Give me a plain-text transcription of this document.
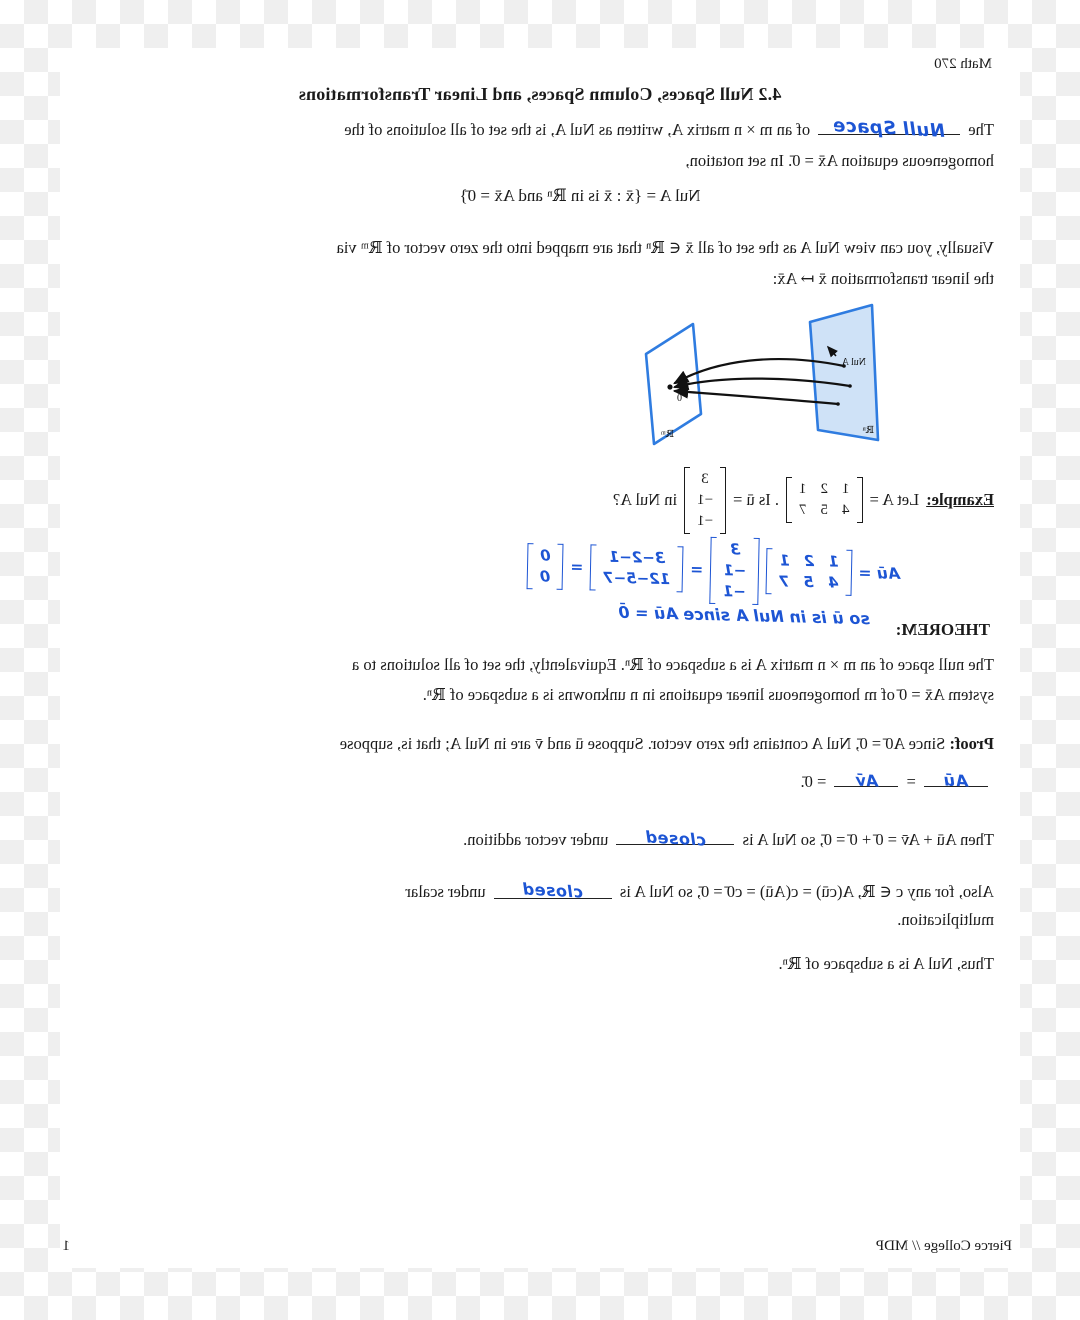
Math 270
4.2 Null Spaces, Column Spaces, and Linear Transformations
The Null Space of an m × n matrix A, written as Nul A, is the set of all solutions of the
homogeneous equation Ax̄ = 0̄. In set notation,
Nul A = {x̄ : x̄ is in ℝⁿ and Ax̄ = 0̄}
Visually, you can view Nul A as the set of all x̄ ∈ ℝⁿ that are mapped into the zero vector of ℝᵐ via
the linear transformation x̄ ↦ Ax̄:
Nul A
0
ℝⁿ
ℝᵐ
Example:
Let A =
1
2
1
4
5
7
. Is ū =
3
−1
−1
in Nul A?
Aū =
1
2
1
4
5
7
3
−1
−1
=
3−2−1
12−5−7
=
0
0
so ū is in Nul A since Aū = 0̄
THEOREM:
The null space of an m × n matrix A is a subspace of ℝⁿ. Equivalently, the set of all solutions to a
system Ax̄ = 0̄ of m homogeneous linear equations in n unknowns is a subspace of ℝⁿ.
Proof: Since A0̄ = 0̄, Nul A contains the zero vector. Suppose ū and v̄ are in Nul A; that is, suppose
Aū = Av̄ = 0̄.
Then Aū + Av̄ = 0̄ + 0̄ = 0̄, so Nul A is closed under vector addition.
Also, for any c ∈ ℝ, A(cū) = c(Aū) = c0̄ = 0̄, so Nul A is closed under scalar
multiplication.
Thus, Nul A is a subspace of ℝⁿ.
Pierce College // MDP
1
